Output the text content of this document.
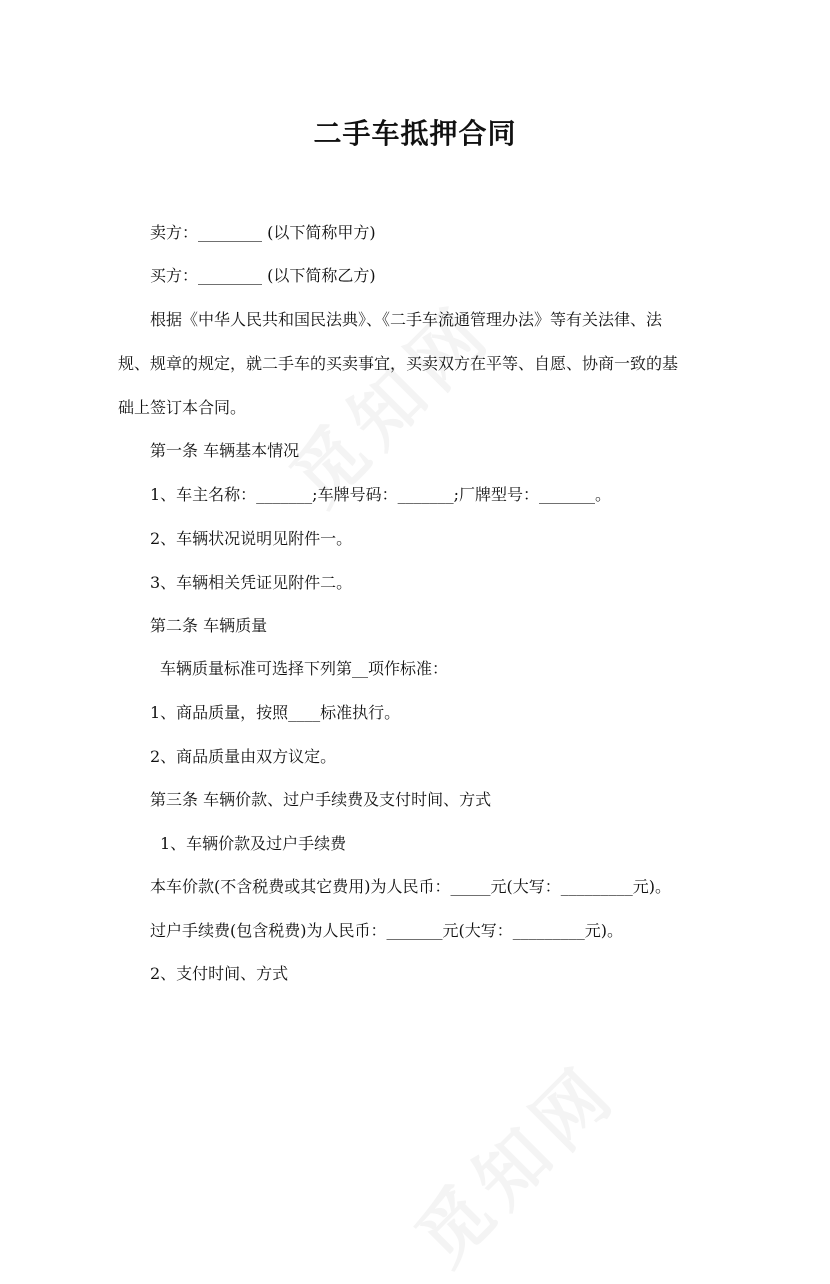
二手车抵押合同
卖方：________ (以下简称甲方)
买方：________ (以下简称乙方)
根据《中华人民共和国民法典》、《二手车流通管理办法》等有关法律、法
规、规章的规定，就二手车的买卖事宜，买卖双方在平等、自愿、协商一致的基
础上签订本合同。
第一条 车辆基本情况
1、车主名称：_______;车牌号码：_______;厂牌型号：_______。
2、车辆状况说明见附件一。
3、车辆相关凭证见附件二。
第二条 车辆质量
车辆质量标准可选择下列第__项作标准：
1、商品质量，按照____标准执行。
2、商品质量由双方议定。
第三条 车辆价款、过户手续费及支付时间、方式
1、车辆价款及过户手续费
本车价款(不含税费或其它费用)为人民币：_____元(大写：_________元)。
过户手续费(包含税费)为人民币：_______元(大写：_________元)。
2、支付时间、方式
